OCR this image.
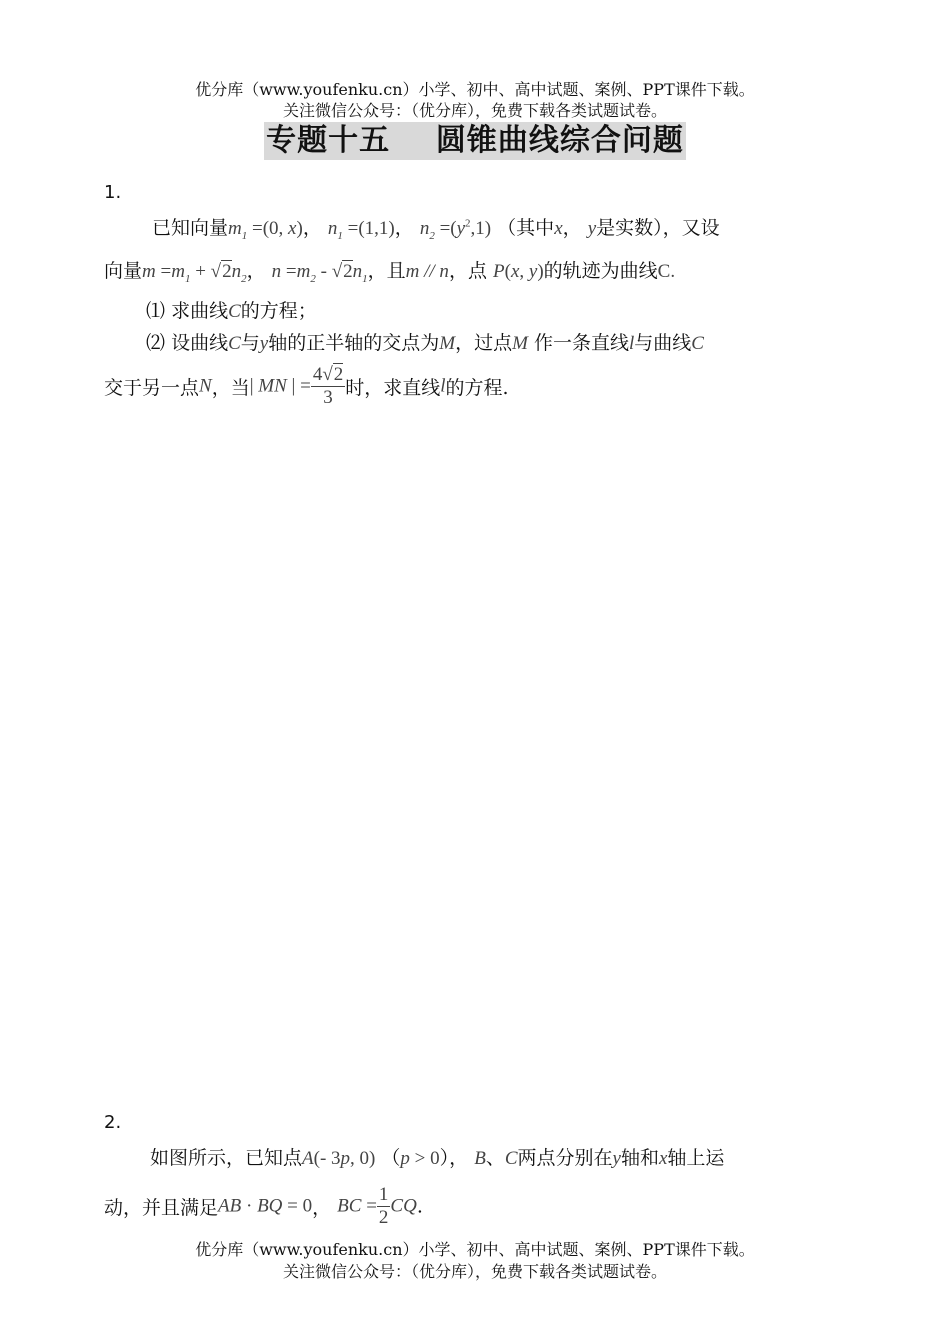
优分库（www.youfenku.cn）小学、初中、高中试题、案例、PPT课件下载。
关注微信公众号：（优分库），免费下载各类试题试卷。
专题十五    圆锥曲线综合问题
1.
已知向量$m_1 =(0$, x)， $n_1 =(1,1)$， $n_2 =(y^2,1)$ （其中x， y是实数），又设
向量$m =m_1 + √2n_2$， $n =m_2 - √2n_1$，且m // n，点 P(x, y)的轨迹为曲线C.
⑴ 求曲线C的方程；
⑵ 设曲线C与y轴的正半轴的交点为M，过点M 作一条直线l与曲线C
交于另一点N，当| MN | = $\frac{4√2}{3}$ 时，求直线l的方程.
2.
如图所示，已知点A(- 3p, 0) （p > 0）， B、C两点分别在y轴和x轴上运
动，并且满足AB · BQ = 0， BC = $\frac{1}{2}$ CQ.
优分库（www.youfenku.cn）小学、初中、高中试题、案例、PPT课件下载。
关注微信公众号：（优分库），免费下载各类试题试卷。
